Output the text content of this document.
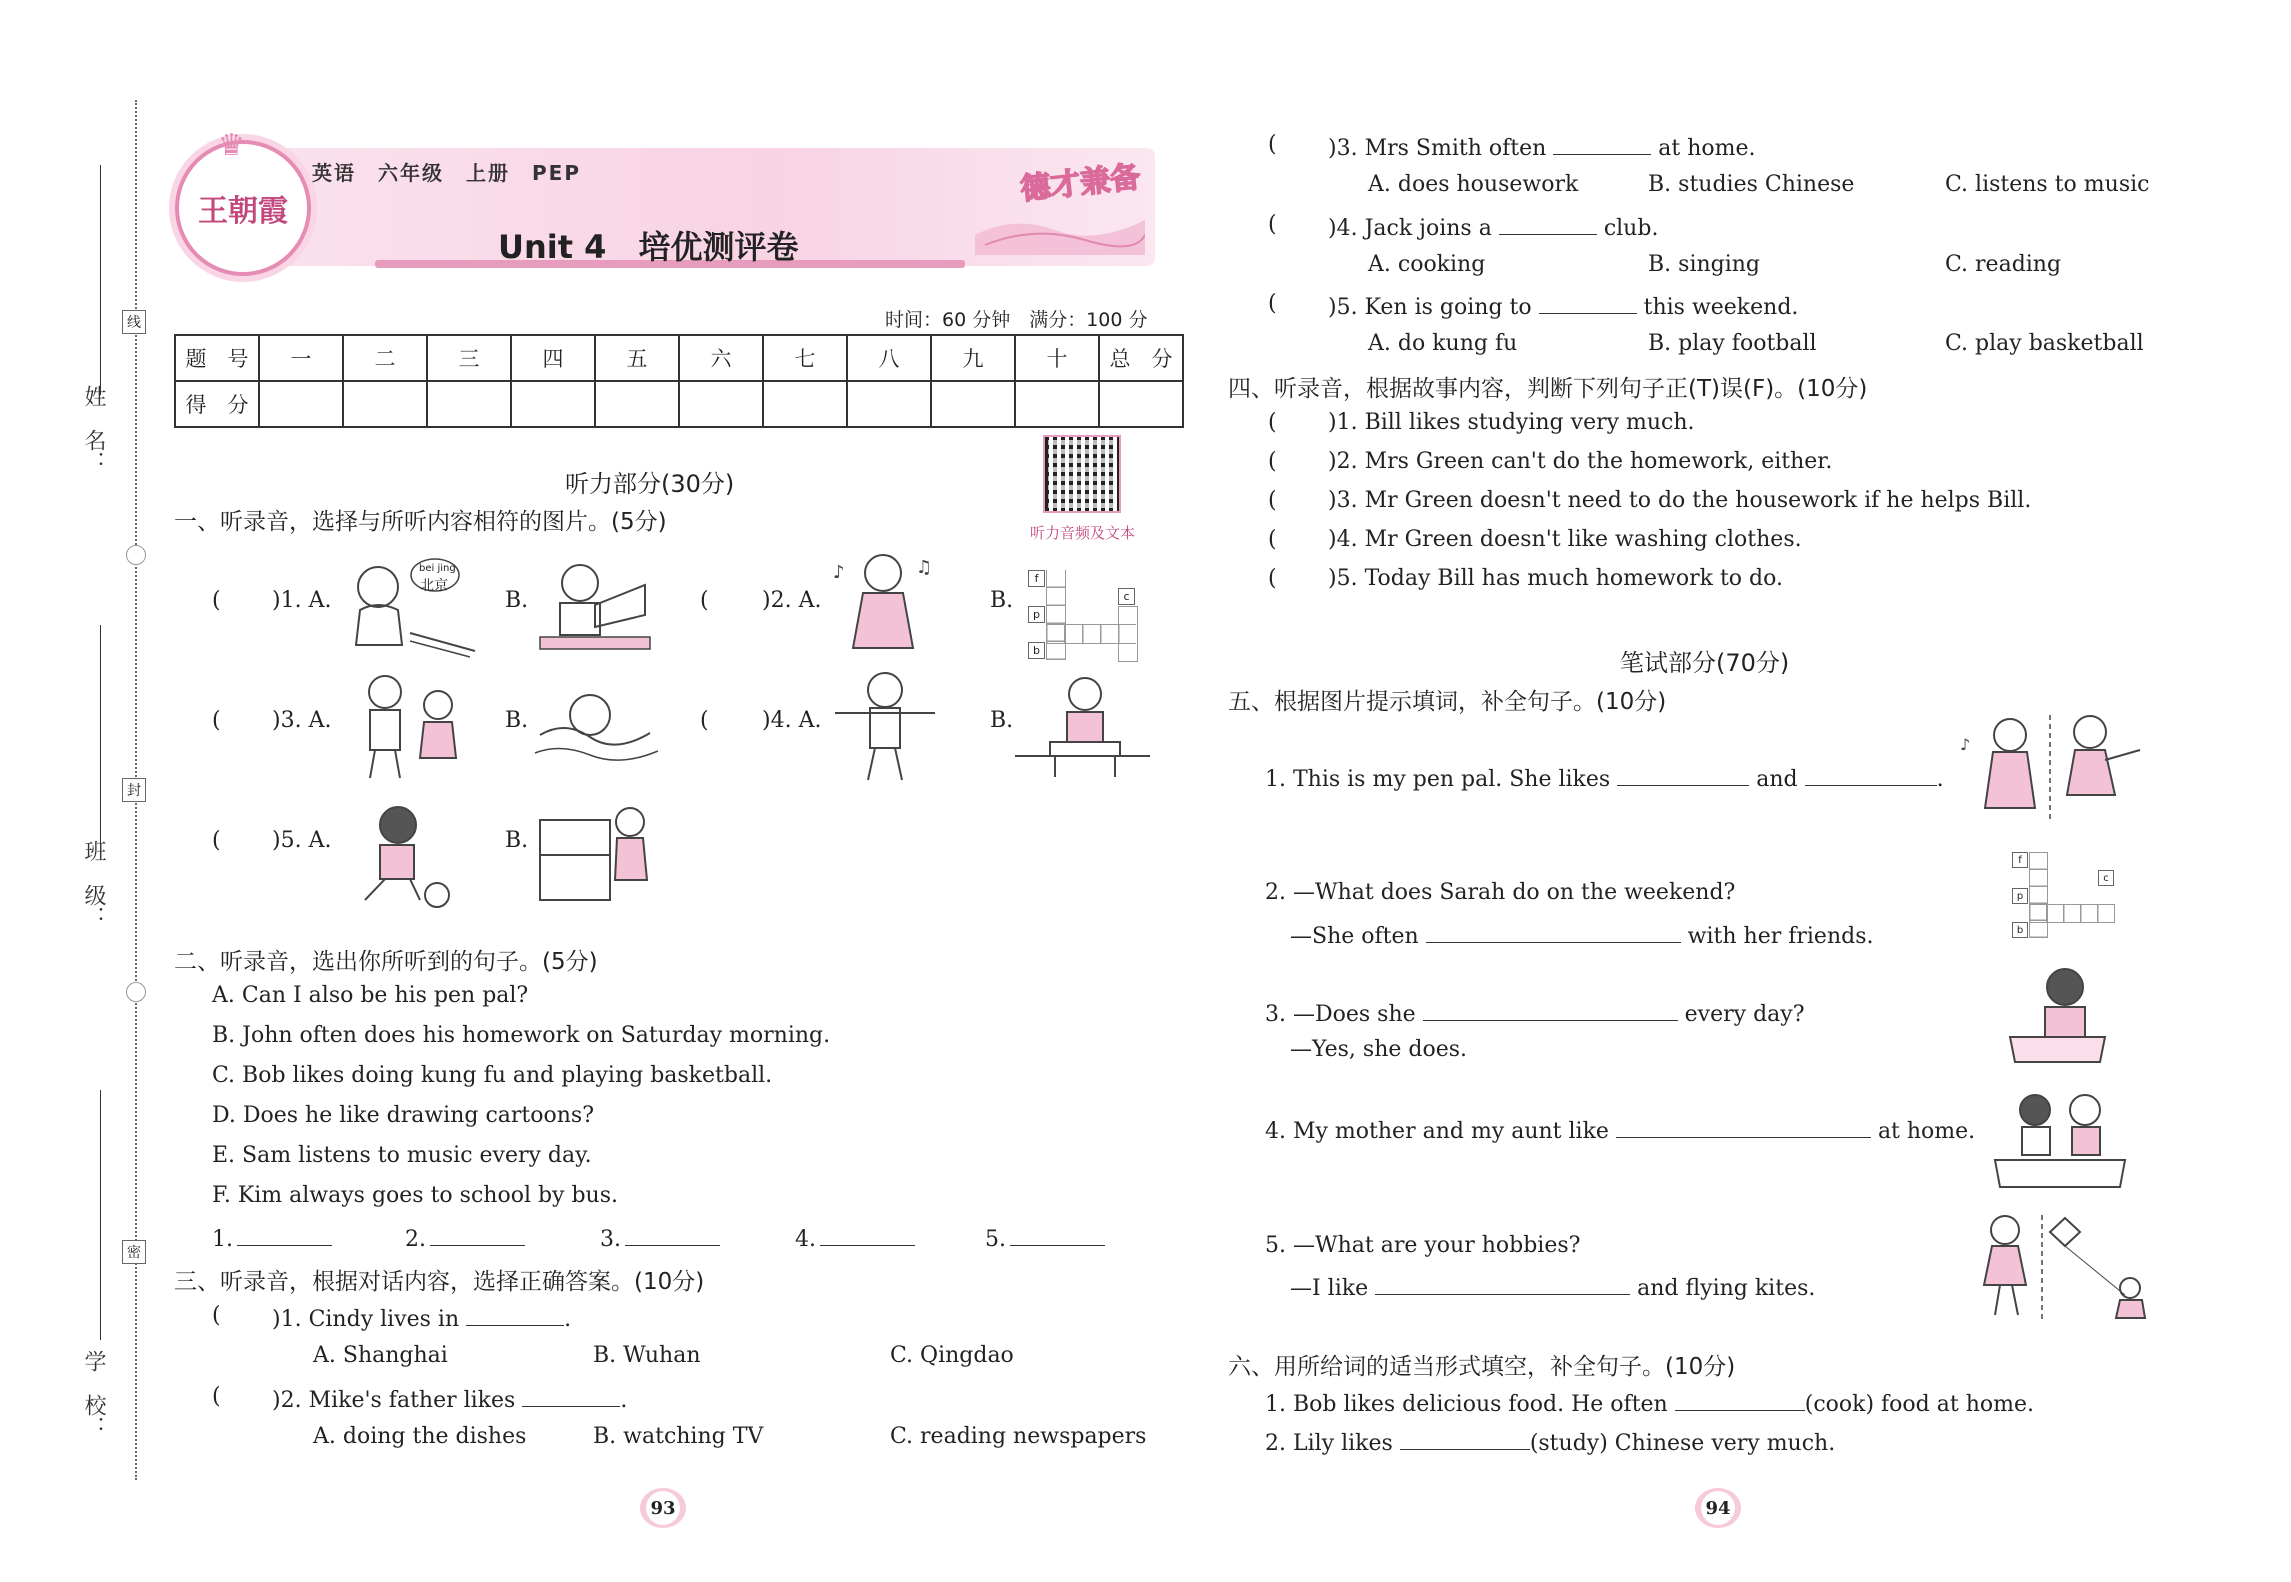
姓　名：
班　级：
学　校：
线
封
密
王朝霞
♛
英语　六年级　上册　PEP
Unit 4　培优测评卷
德才兼备
时间：60 分钟　满分：100 分
题　号	一	二	三	四	五	六	七	八	九	十	总　分
得　分											
听力部分(30分)
听力音频及文本
一、听录音，选择与所听内容相符的图片。(5分)
( )1. A.	B.	( )2. A.	B.
( )3. A.	B.	( )4. A.	B.
( )5. A.	B.
bei jing
北京
♪	♫
f
c
p
b
二、听录音，选出你所听到的句子。(5分)
A. Can I also be his pen pal?
B. John often does his homework on Saturday morning.
C. Bob likes doing kung fu and playing basketball.
D. Does he like drawing cartoons?
E. Sam listens to music every day.
F. Kim always goes to school by bus.
1.	2.	3.	4.	5.
三、听录音，根据对话内容，选择正确答案。(10分)
( )1. Cindy lives in	.
A. Shanghai	B. Wuhan	C. Qingdao
( )2. Mike's father likes	.
A. doing the dishes	B. watching TV	C. reading newspapers
93
( )3. Mrs Smith often	at home.
A. does housework	B. studies Chinese	C. listens to music
( )4. Jack joins a	club.
A. cooking	B. singing	C. reading
( )5. Ken is going to	this weekend.
A. do kung fu	B. play football	C. play basketball
四、听录音，根据故事内容，判断下列句子正(T)误(F)。(10分)
( )1. Bill likes studying very much.
( )2. Mrs Green can't do the homework, either.
( )3. Mr Green doesn't need to do the housework if he helps Bill.
( )4. Mr Green doesn't like washing clothes.
( )5. Today Bill has much homework to do.
笔试部分(70分)
五、根据图片提示填词，补全句子。(10分)
1. This is my pen pal. She likes	and	.
♪
2. —What does Sarah do on the weekend?
—She often	with her friends.
f
c
p
b
3. —Does she	every day?
—Yes, she does.
4. My mother and my aunt like	at home.
5. —What are your hobbies?
—I like	and flying kites.
六、用所给词的适当形式填空，补全句子。(10分)
1. Bob likes delicious food. He often	(cook) food at home.
2. Lily likes	(study) Chinese very much.
94
